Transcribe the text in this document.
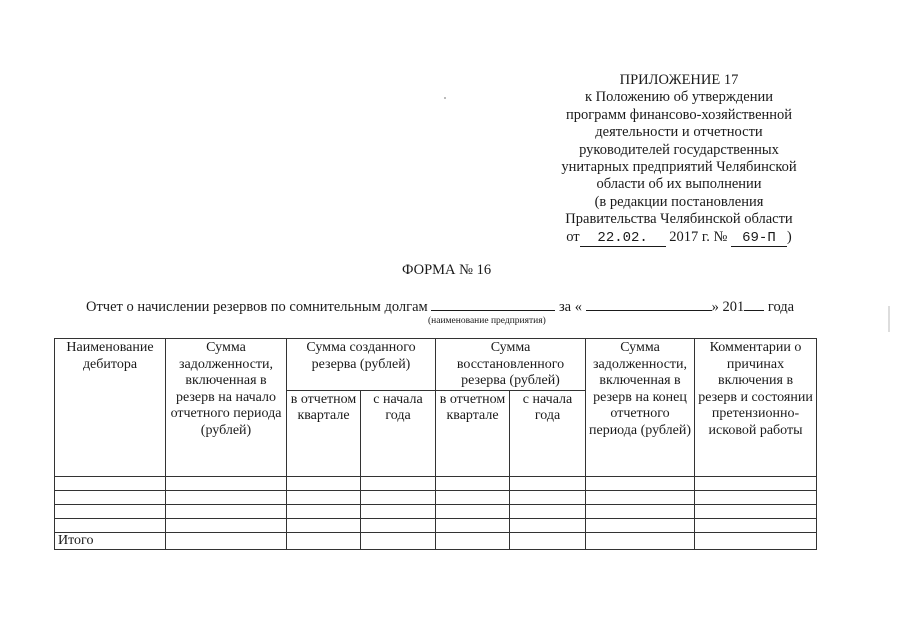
ПРИЛОЖЕНИЕ 17
к Положению об утверждении
программ финансово-хозяйственной
деятельности и отчетности
руководителей государственных
унитарных предприятий Челябинской
области об их выполнении
(в редакции постановления
Правительства Челябинской области
от 22.02. 2017 г. № 69-П )
ФОРМА № 16
Отчет о начислении резервов по сомнительным долгам	за «	» 201 года
(наименование предприятия)
Наименование дебитора	Сумма задолженности, включенная в резерв на начало отчетного периода (рублей)	Сумма созданного резерва (рублей)		Сумма восстановленного резерва (рублей)		Сумма задолженности, включенная в резерв на конец отчетного периода (рублей)	Комментарии о причинах включения в резерв и состоянии претензионно-исковой работы
		в отчетном квартале	с начала года	в отчетном квартале	с начала года		

Итого							
